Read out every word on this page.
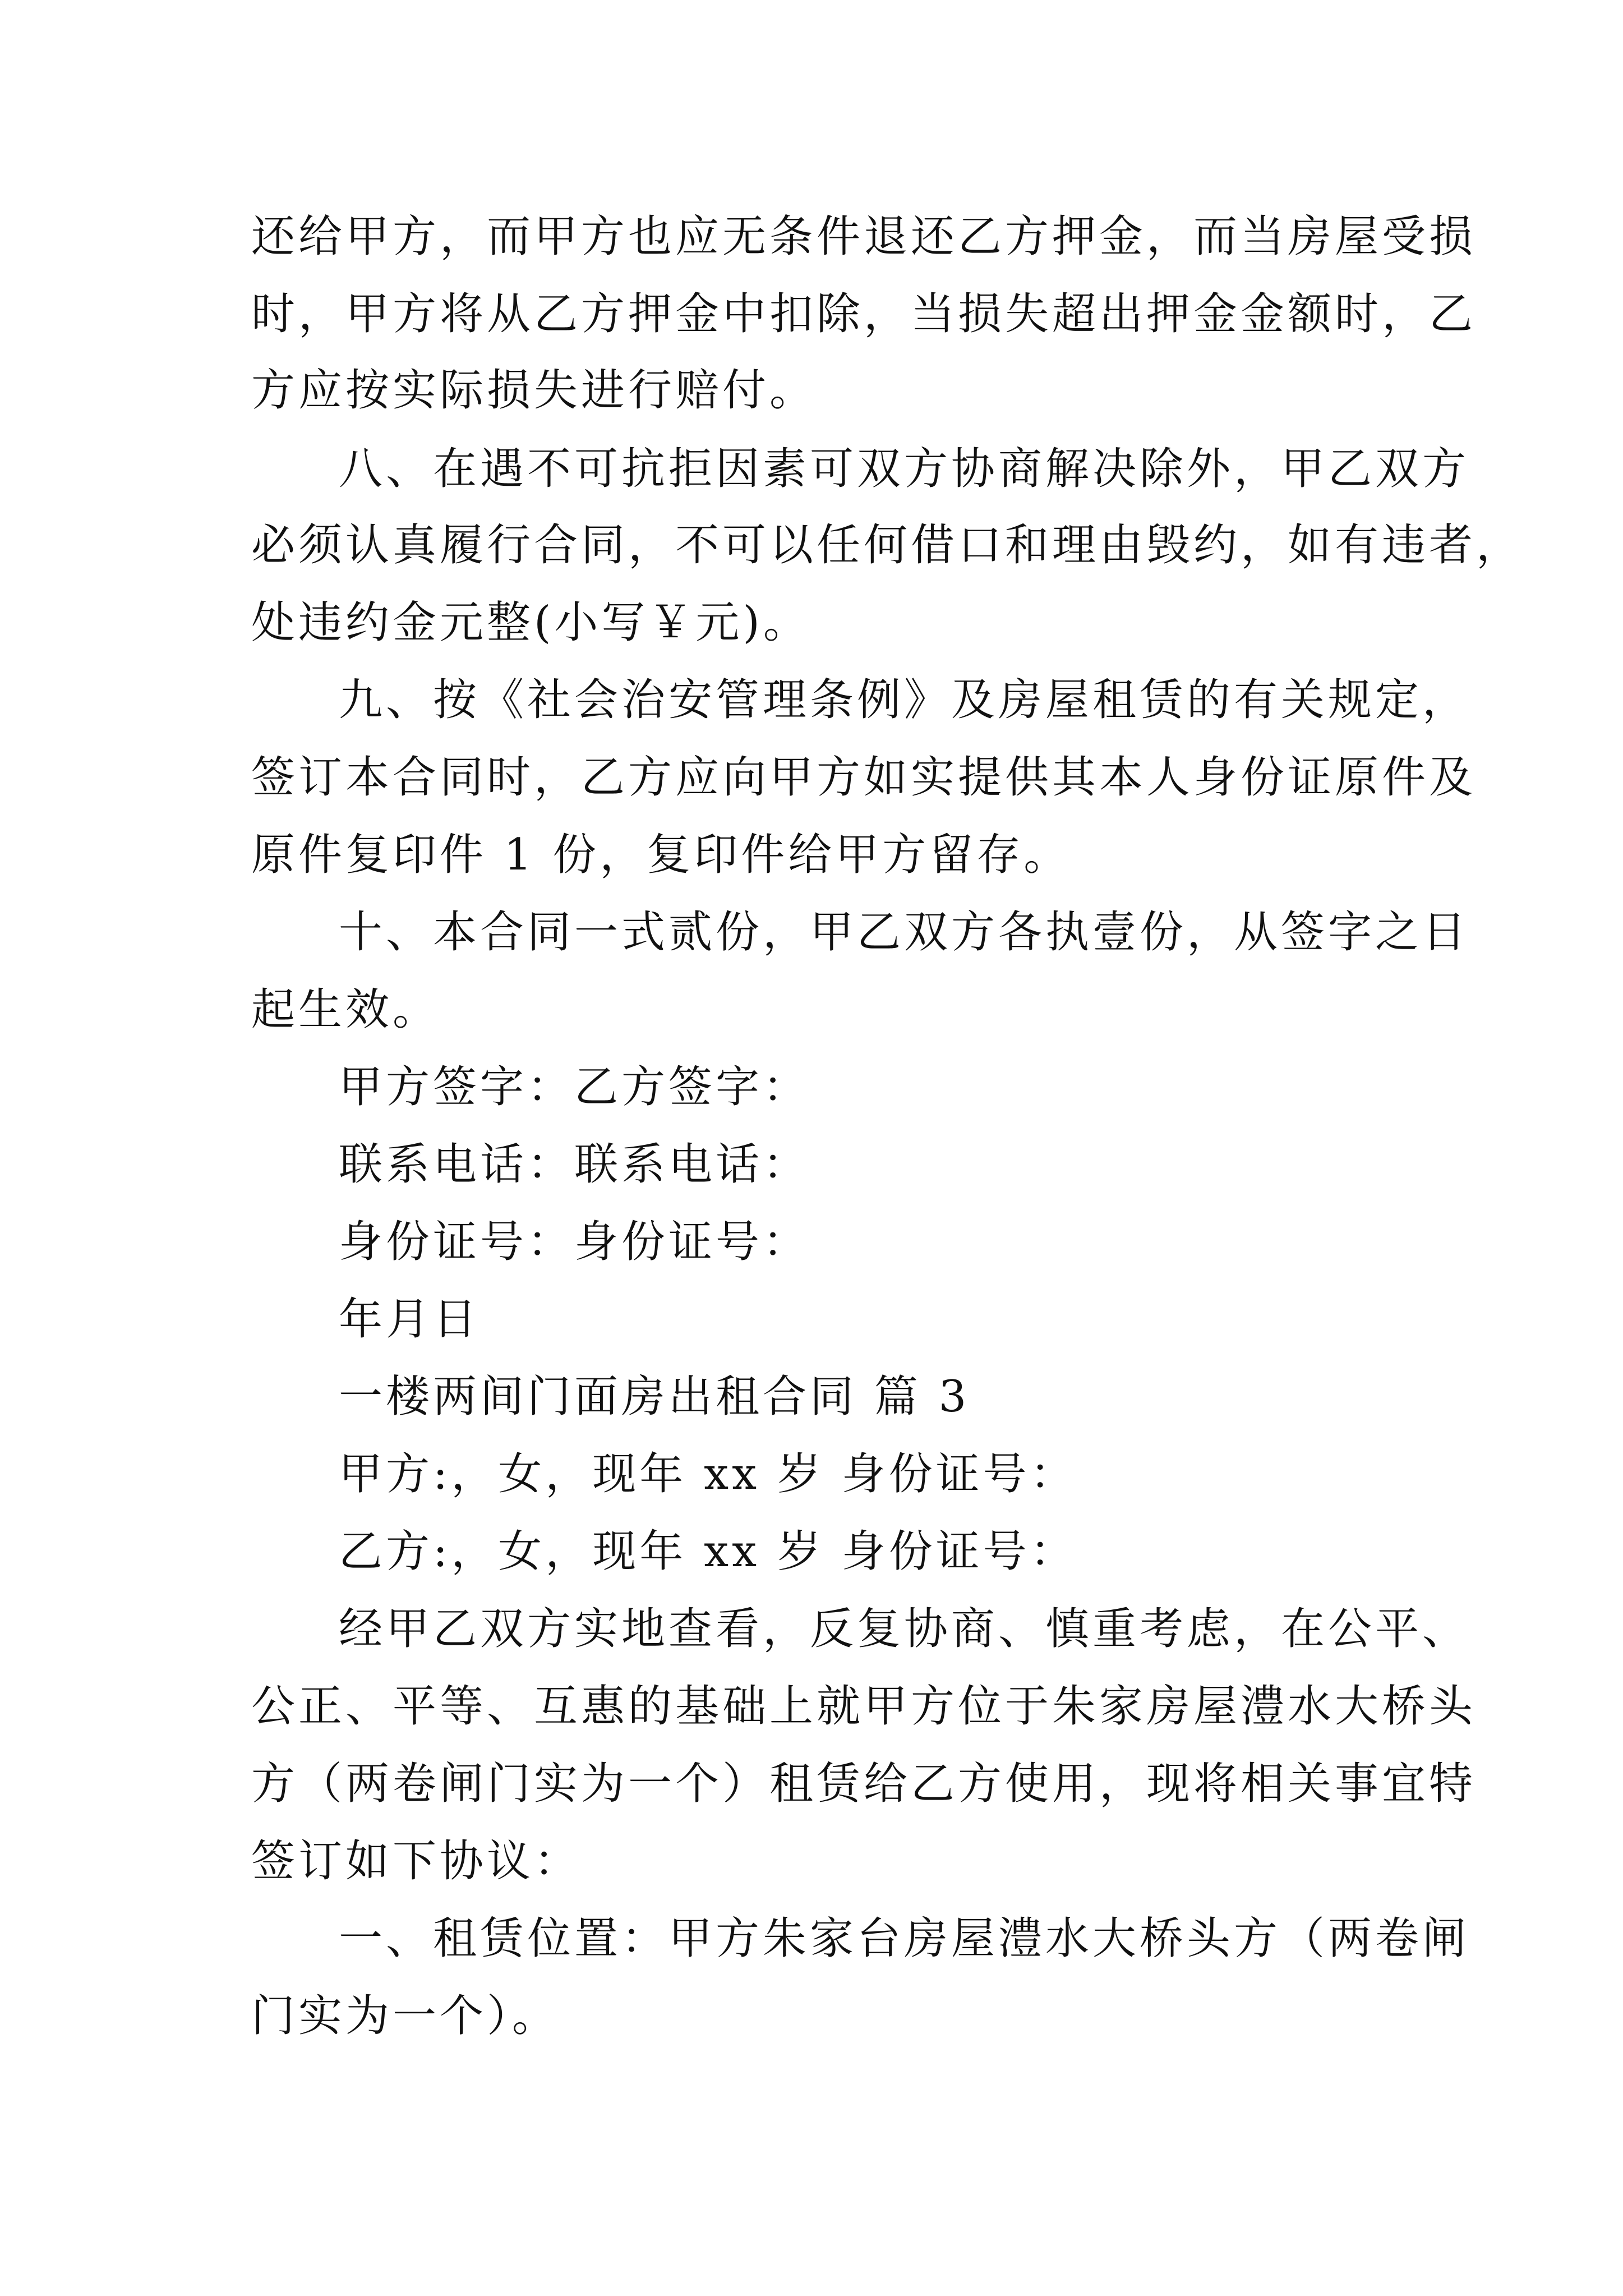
还给甲方，而甲方也应无条件退还乙方押金，而当房屋受损
时，甲方将从乙方押金中扣除，当损失超出押金金额时，乙
方应按实际损失进行赔付。
八、在遇不可抗拒因素可双方协商解决除外，甲乙双方
必须认真履行合同，不可以任何借口和理由毁约，如有违者，
处违约金元整(小写￥元)。
九、按《社会治安管理条例》及房屋租赁的有关规定，
签订本合同时，乙方应向甲方如实提供其本人身份证原件及
原件复印件 1 份，复印件给甲方留存。
十、本合同一式贰份，甲乙双方各执壹份，从签字之日
起生效。
甲方签字：乙方签字：
联系电话：联系电话：
身份证号：身份证号：
年月日
一楼两间门面房出租合同 篇 3
甲方:，女，现年 xx 岁 身份证号：
乙方:，女，现年 xx 岁 身份证号：
经甲乙双方实地查看，反复协商、慎重考虑，在公平、
公正、平等、互惠的基础上就甲方位于朱家房屋澧水大桥头
方（两卷闸门实为一个）租赁给乙方使用，现将相关事宜特
签订如下协议：
一、租赁位置：甲方朱家台房屋澧水大桥头方（两卷闸
门实为一个）。
